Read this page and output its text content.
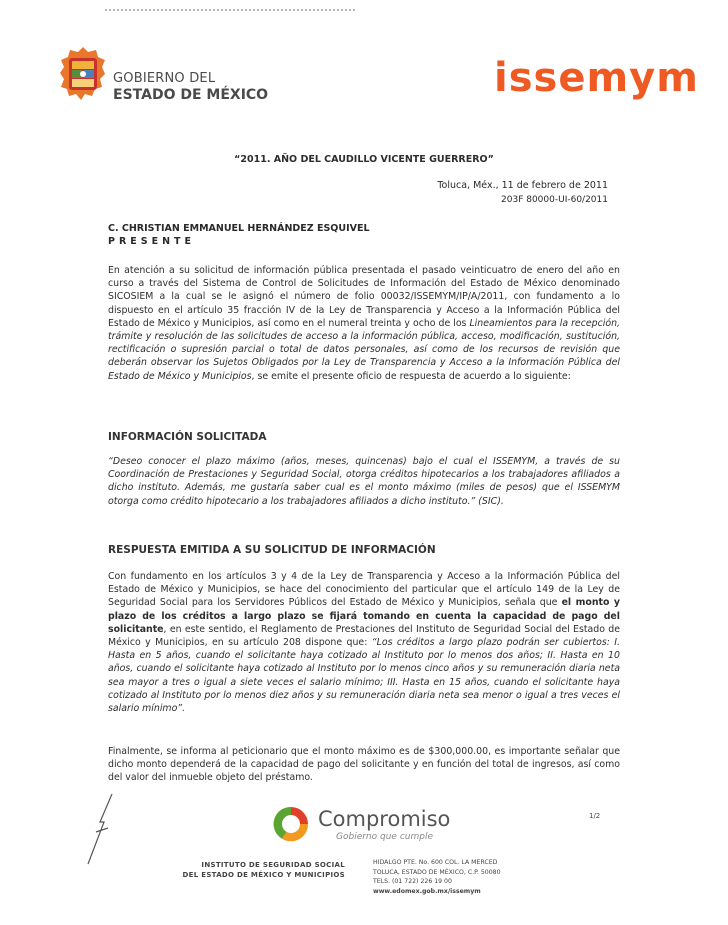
GOBIERNO DEL
ESTADO DE MÉXICO	issemym
“2011. AÑO DEL CAUDILLO VICENTE GUERRERO”
Toluca, Méx., 11 de febrero de 2011
203F 80000-UI-60/2011
C. CHRISTIAN EMMANUEL HERNÁNDEZ ESQUIVEL
PRESENTE
En atención a su solicitud de información pública presentada el pasado veinticuatro de enero del año en curso a través del Sistema de Control de Solicitudes de Información del Estado de México denominado SICOSIEM a la cual se le asignó el número de folio 00032/ISSEMYM/IP/A/2011, con fundamento a lo dispuesto en el artículo 35 fracción IV de la Ley de Transparencia y Acceso a la Información Pública del Estado de México y Municipios, así como en el numeral treinta y ocho de los Lineamientos para la recepción, trámite y resolución de las solicitudes de acceso a la información pública, acceso, modificación, sustitución, rectificación o supresión parcial o total de datos personales, así como de los recursos de revisión que deberán observar los Sujetos Obligados por la Ley de Transparencia y Acceso a la Información Pública del Estado de México y Municipios, se emite el presente oficio de respuesta de acuerdo a lo siguiente:
INFORMACIÓN SOLICITADA
“Deseo conocer el plazo máximo (años, meses, quincenas) bajo el cual el ISSEMYM, a través de su Coordinación de Prestaciones y Seguridad Social, otorga créditos hipotecarios a los trabajadores afiliados a dicho instituto. Además, me gustaría saber cual es el monto máximo (miles de pesos) que el ISSEMYM otorga como crédito hipotecario a los trabajadores afiliados a dicho instituto.” (SIC).
RESPUESTA EMITIDA A SU SOLICITUD DE INFORMACIÓN
Con fundamento en los artículos 3 y 4 de la Ley de Transparencia y Acceso a la Información Pública del Estado de México y Municipios, se hace del conocimiento del particular que el artículo 149 de la Ley de Seguridad Social para los Servidores Públicos del Estado de México y Municipios, señala que el monto y plazo de los créditos a largo plazo se fijará tomando en cuenta la capacidad de pago del solicitante, en este sentido, el Reglamento de Prestaciones del Instituto de Seguridad Social del Estado de México y Municipios, en su artículo 208 dispone que: “Los créditos a largo plazo podrán ser cubiertos: I. Hasta en 5 años, cuando el solicitante haya cotizado al Instituto por lo menos dos años; II. Hasta en 10 años, cuando el solicitante haya cotizado al Instituto por lo menos cinco años y su remuneración diaria neta sea mayor a tres o igual a siete veces el salario mínimo; III. Hasta en 15 años, cuando el solicitante haya cotizado al Instituto por lo menos diez años y su remuneración diaria neta sea menor o igual a tres veces el salario mínimo”.
Finalmente, se informa al peticionario que el monto máximo es de $300,000.00, es importante señalar que dicho monto dependerá de la capacidad de pago del solicitante y en función del total de ingresos, así como del valor del inmueble objeto del préstamo.
Compromiso
Gobierno que cumple
1/2
INSTITUTO DE SEGURIDAD SOCIAL
DEL ESTADO DE MÉXICO Y MUNICIPIOS
HIDALGO PTE. No. 600 COL. LA MERCED
TOLUCA, ESTADO DE MÉXICO, C.P. 50080
TELS. (01 722) 226 19 00
www.edomex.gob.mx/issemym
